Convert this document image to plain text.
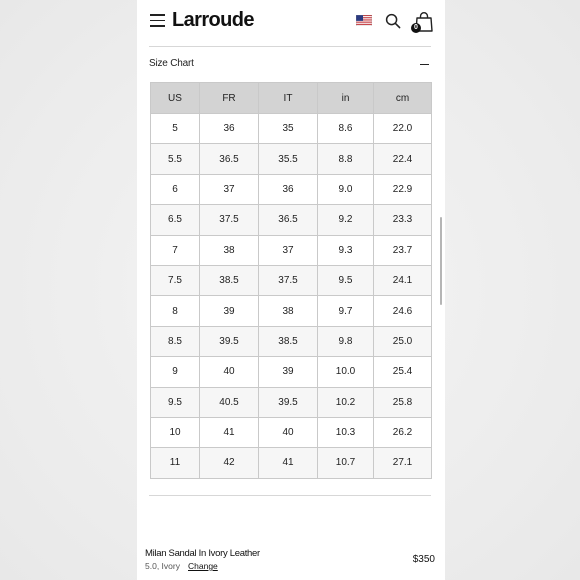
Larroude	0
Size Chart
US	FR	IT	in	cm
5	36	35	8.6	22.0
5.5	36.5	35.5	8.8	22.4
6	37	36	9.0	22.9
6.5	37.5	36.5	9.2	23.3
7	38	37	9.3	23.7
7.5	38.5	37.5	9.5	24.1
8	39	38	9.7	24.6
8.5	39.5	38.5	9.8	25.0
9	40	39	10.0	25.4
9.5	40.5	39.5	10.2	25.8
10	41	40	10.3	26.2
11	42	41	10.7	27.1
Milan Sandal In Ivory Leather
5.0, Ivory Change
$350
